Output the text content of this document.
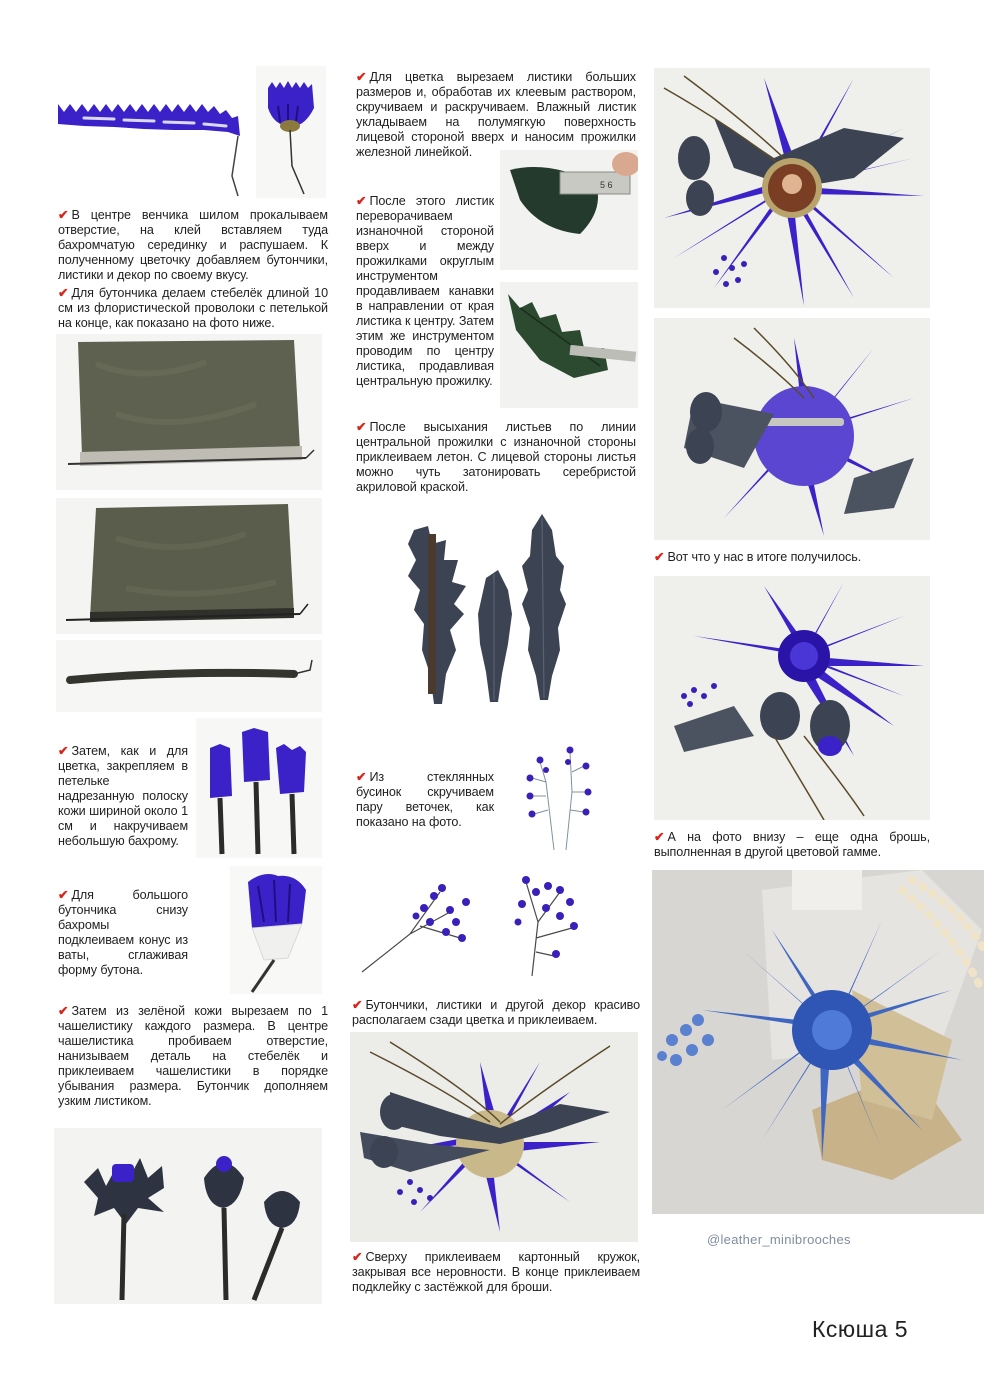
✔ В центре венчика шилом прокалываем отверстие, на клей вставляем туда бахромчатую серединку и распушаем. К полученному цветочку добавляем бутончики, листики и декор по своему вкусу.
✔ Для бутончика делаем стебелёк длиной 10 см из флористической проволоки с петелькой на конце, как показано на фото ниже.
✔ Затем, как и для цветка, закрепляем в петельке надрезанную полоску кожи шириной около 1 см и накручиваем небольшую бахрому.
✔ Для большого бутончика снизу бахромы подклеиваем конус из ваты, сглаживая форму бутона.
✔ Затем из зелёной кожи вырезаем по 1 чашелистику каждого размера. В центре чашелистика пробиваем отверстие, нанизываем деталь на стебелёк и приклеиваем чашелистики в порядке убывания размера. Бутончик дополняем узким листиком.
✔ Для цветка вырезаем листики больших размеров и, обработав их клеевым раствором, скручиваем и раскручиваем. Влажный листик укладываем на полумягкую поверхность лицевой стороной вверх и наносим прожилки железной линейкой.
5 6
✔ После этого листик переворачиваем изнаночной стороной вверх и между прожилками округлым инструментом продавливаем канавки в направлении от края листика к центру. Затем этим же инструментом проводим по центру листика, продавливая центральную прожилку.
✔ После высыхания листьев по линии центральной прожилки с изнаночной стороны приклеиваем летон. С лицевой стороны листья можно чуть затонировать серебристой акриловой краской.
✔ Из стеклянных бусинок скручиваем пару веточек, как показано на фото.
✔ Бутончики, листики и другой декор красиво располагаем сзади цветка и приклеиваем.
✔ Сверху приклеиваем картонный кружок, закрывая все неровности. В конце приклеиваем подклейку с застёжкой для броши.
✔ Вот что у нас в итоге получилось.
✔ А на фото внизу – еще одна брошь, выполненная в другой цветовой гамме.
@leather_minibrooches
Ксюша 5
